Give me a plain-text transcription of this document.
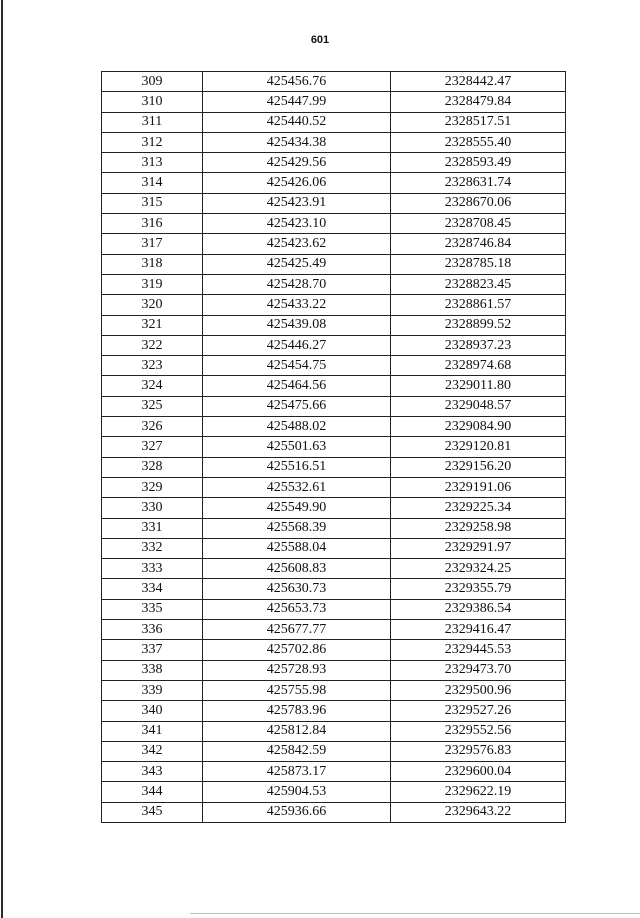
601
309	425456.76	2328442.47
310	425447.99	2328479.84
311	425440.52	2328517.51
312	425434.38	2328555.40
313	425429.56	2328593.49
314	425426.06	2328631.74
315	425423.91	2328670.06
316	425423.10	2328708.45
317	425423.62	2328746.84
318	425425.49	2328785.18
319	425428.70	2328823.45
320	425433.22	2328861.57
321	425439.08	2328899.52
322	425446.27	2328937.23
323	425454.75	2328974.68
324	425464.56	2329011.80
325	425475.66	2329048.57
326	425488.02	2329084.90
327	425501.63	2329120.81
328	425516.51	2329156.20
329	425532.61	2329191.06
330	425549.90	2329225.34
331	425568.39	2329258.98
332	425588.04	2329291.97
333	425608.83	2329324.25
334	425630.73	2329355.79
335	425653.73	2329386.54
336	425677.77	2329416.47
337	425702.86	2329445.53
338	425728.93	2329473.70
339	425755.98	2329500.96
340	425783.96	2329527.26
341	425812.84	2329552.56
342	425842.59	2329576.83
343	425873.17	2329600.04
344	425904.53	2329622.19
345	425936.66	2329643.22
